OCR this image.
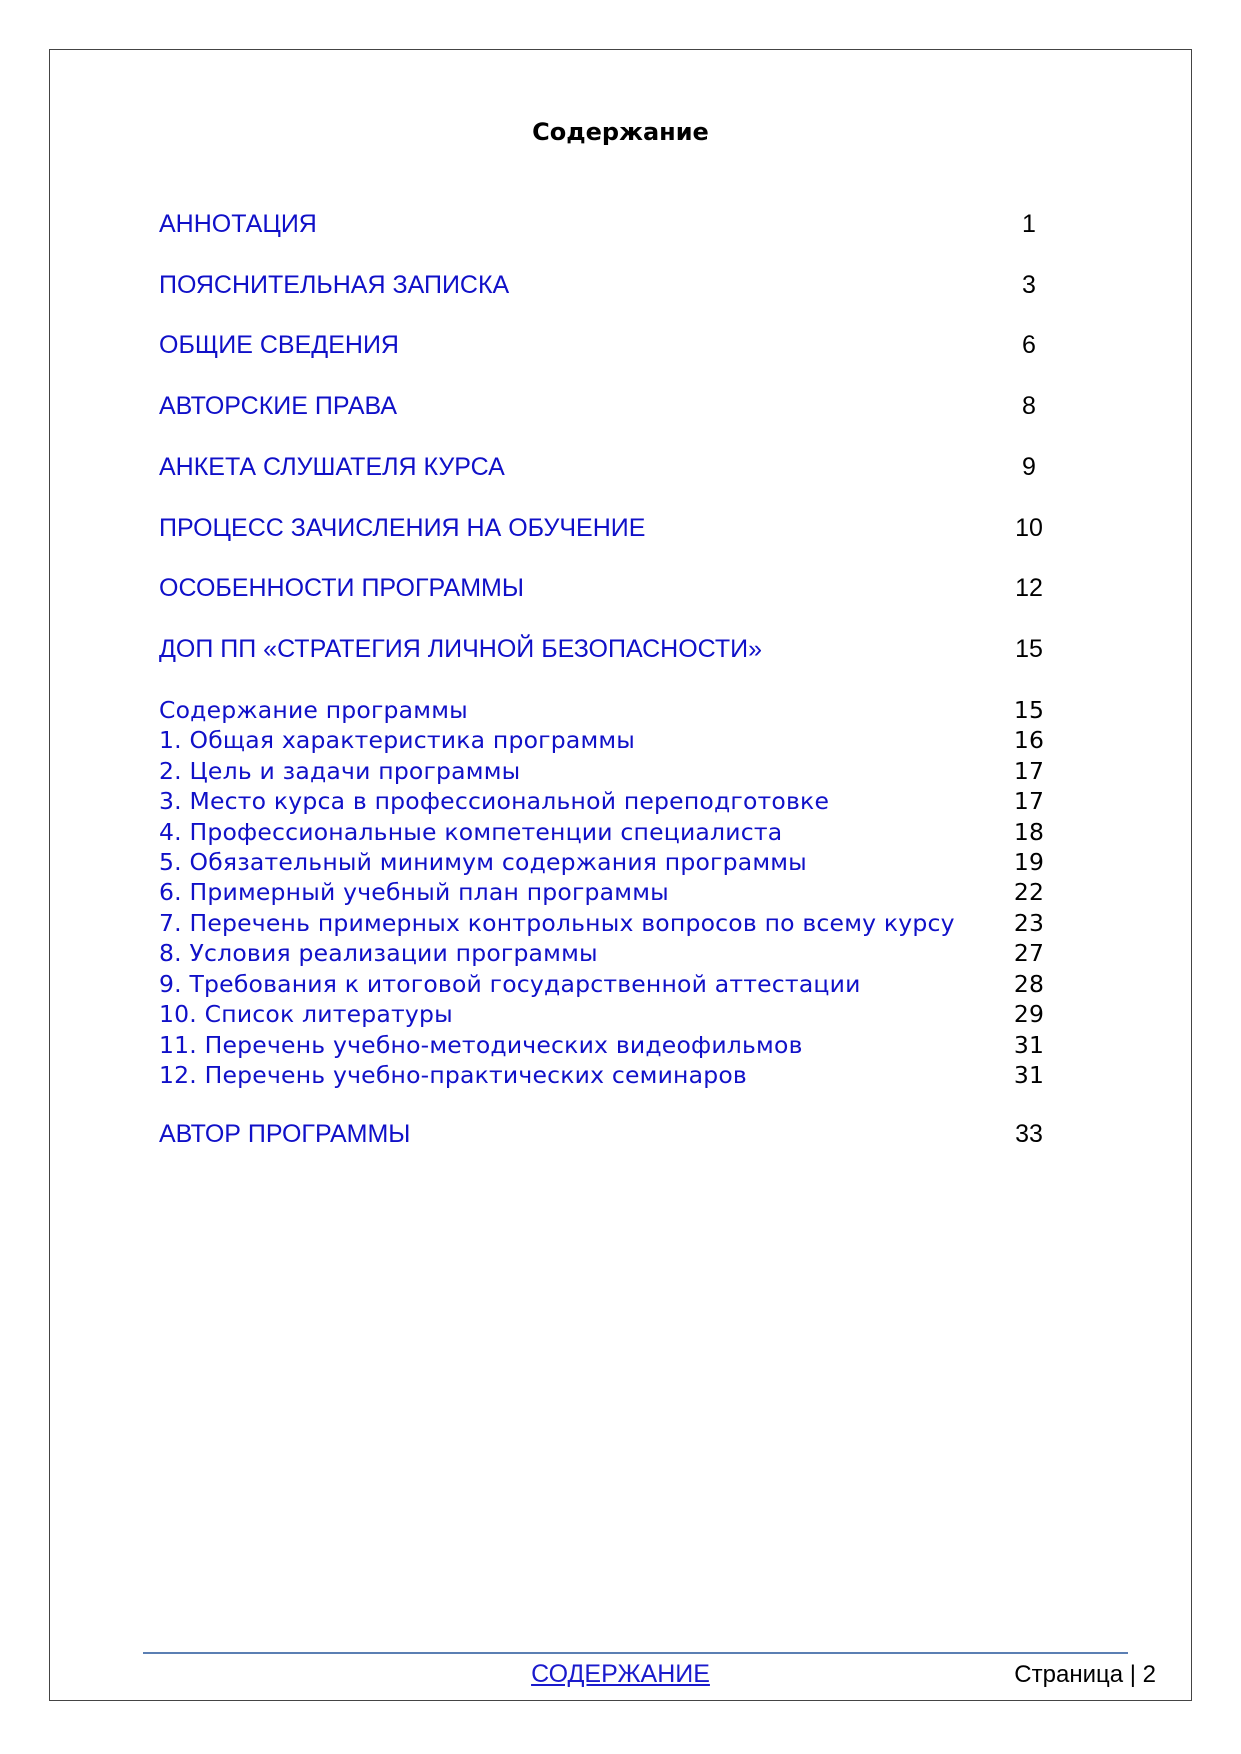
Содержание
АННОТАЦИЯ	1
ПОЯСНИТЕЛЬНАЯ ЗАПИСКА	3
ОБЩИЕ СВЕДЕНИЯ	6
АВТОРСКИЕ ПРАВА	8
АНКЕТА СЛУШАТЕЛЯ КУРСА	9
ПРОЦЕСС ЗАЧИСЛЕНИЯ НА ОБУЧЕНИЕ	10
ОСОБЕННОСТИ ПРОГРАММЫ	12
ДОП ПП «СТРАТЕГИЯ ЛИЧНОЙ БЕЗОПАСНОСТИ»	15
Содержание программы	15
1. Общая характеристика программы	16
2. Цель и задачи программы	17
3. Место курса в профессиональной переподготовке	17
4. Профессиональные компетенции специалиста	18
5. Обязательный минимум содержания программы	19
6. Примерный учебный план программы	22
7. Перечень примерных контрольных вопросов по всему курсу	23
8. Условия реализации программы	27
9. Требования к итоговой государственной аттестации	28
10. Список литературы	29
11. Перечень учебно-методических видеофильмов	31
12. Перечень учебно-практических семинаров	31
АВТОР ПРОГРАММЫ	33
СОДЕРЖАНИЕ	Страница | 2
